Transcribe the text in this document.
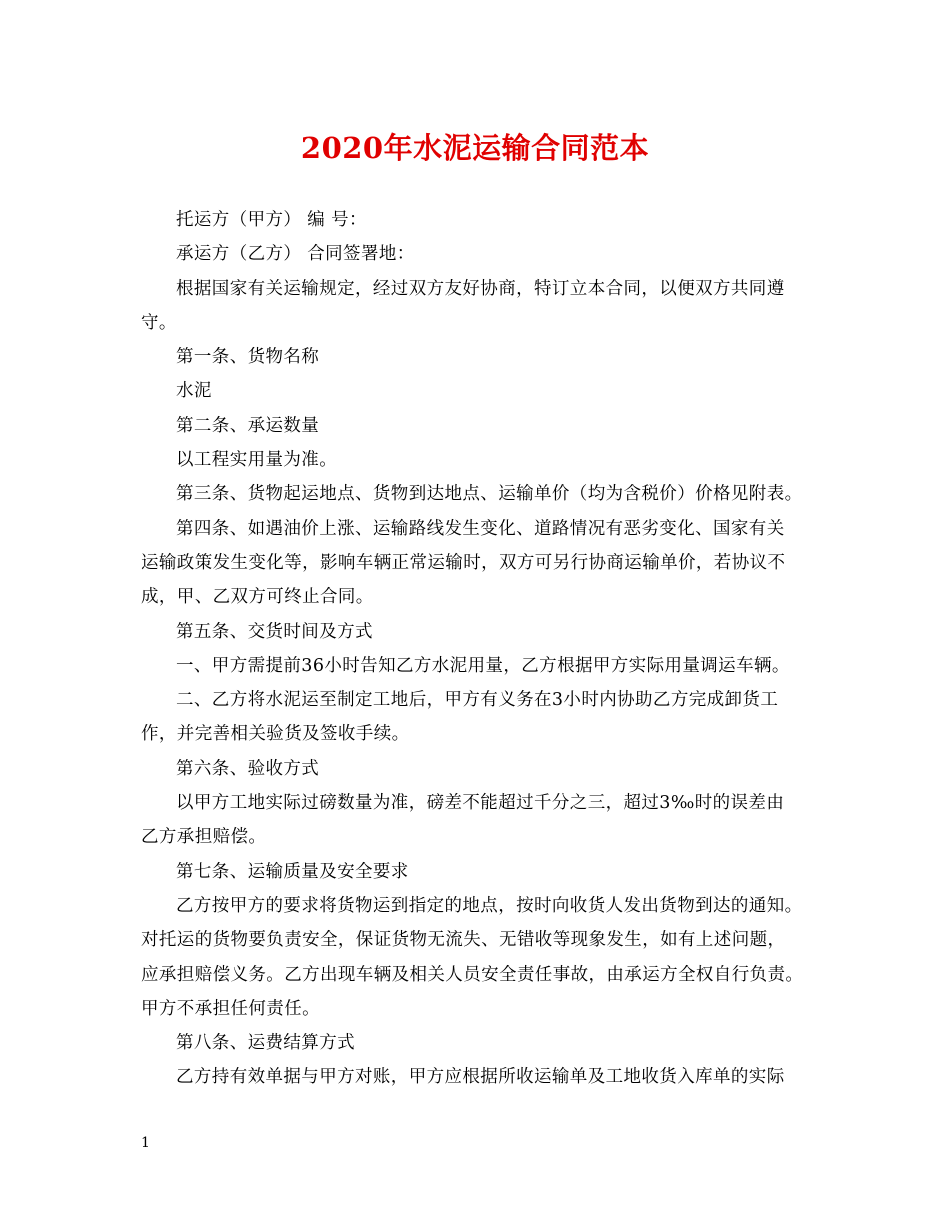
2020年水泥运输合同范本

托运方（甲方） 编 号：

承运方（乙方） 合同签署地：

根据国家有关运输规定，经过双方友好协商，特订立本合同，以便双方共同遵
守。

第一条、货物名称

水泥

第二条、承运数量

以工程实用量为准。

第三条、货物起运地点、货物到达地点、运输单价（均为含税价）价格见附表。

第四条、如遇油价上涨、运输路线发生变化、道路情况有恶劣变化、国家有关
运输政策发生变化等，影响车辆正常运输时，双方可另行协商运输单价，若协议不
成，甲、乙双方可终止合同。

第五条、交货时间及方式

一、甲方需提前36小时告知乙方水泥用量，乙方根据甲方实际用量调运车辆。

二、乙方将水泥运至制定工地后，甲方有义务在3小时内协助乙方完成卸货工
作，并完善相关验货及签收手续。

第六条、验收方式

以甲方工地实际过磅数量为准，磅差不能超过千分之三，超过3‰时的误差由
乙方承担赔偿。

第七条、运输质量及安全要求

乙方按甲方的要求将货物运到指定的地点，按时向收货人发出货物到达的通知。
对托运的货物要负责安全，保证货物无流失、无错收等现象发生，如有上述问题，
应承担赔偿义务。乙方出现车辆及相关人员安全责任事故，由承运方全权自行负责。
甲方不承担任何责任。

第八条、运费结算方式

乙方持有效单据与甲方对账，甲方应根据所收运输单及工地收货入库单的实际

1
